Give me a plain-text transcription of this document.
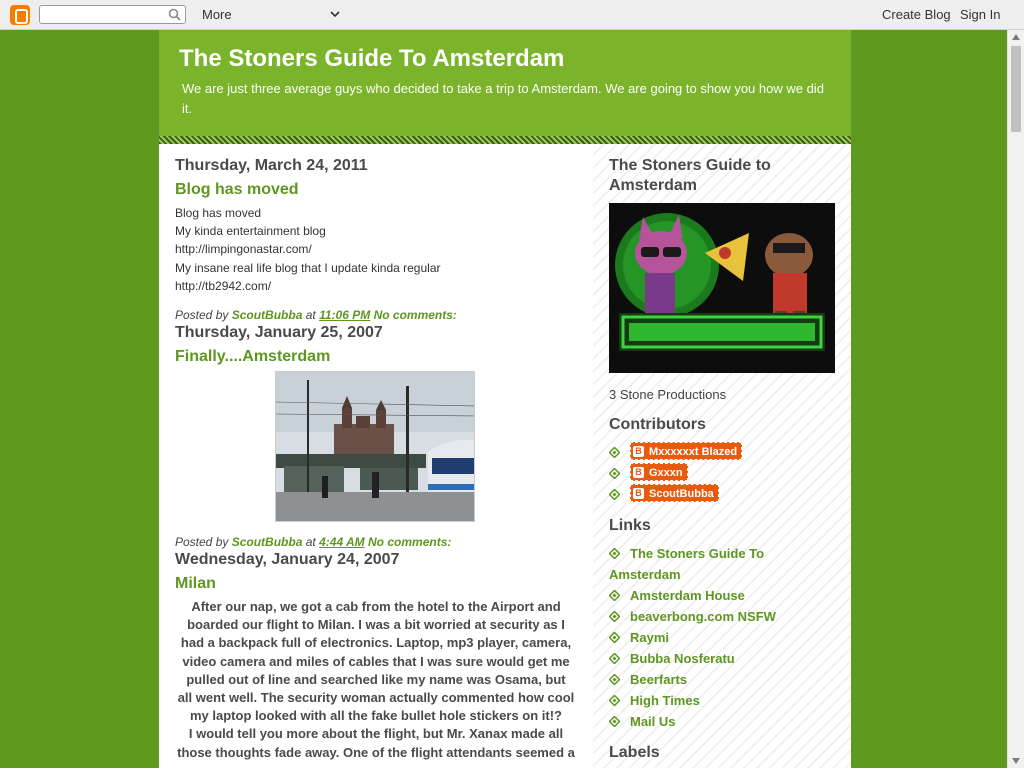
More	Create Blog Sign In
The Stoners Guide To Amsterdam
We are just three average guys who decided to take a trip to Amsterdam. We are going to show you how we did it.
Thursday, March 24, 2011
Blog has moved
Blog has moved
My kinda entertainment blog
http://limpingonastar.com/
My insane real life blog that I update kinda regular
http://tb2942.com/
Posted by ScoutBubba at 11:06 PM No comments:
Thursday, January 25, 2007
Finally....Amsterdam
Posted by ScoutBubba at 4:44 AM No comments:
Wednesday, January 24, 2007
Milan
After our nap, we got a cab from the hotel to the Airport and
boarded our flight to Milan. I was a bit worried at security as I
had a backpack full of electronics. Laptop, mp3 player, camera,
video camera and miles of cables that I was sure would get me
pulled out of line and searched like my name was Osama, but
all went well. The security woman actually commented how cool
my laptop looked with all the fake bullet hole stickers on it!?
I would tell you more about the flight, but Mr. Xanax made all
those thoughts fade away. One of the flight attendants seemed a
The Stoners Guide to Amsterdam
3 Stone Productions
Contributors
B Mxxxxxxt Blazed
B Gxxxn
B ScoutBubba
Links
The Stoners Guide To
Amsterdam
Amsterdam House
beaverbong.com NSFW
Raymi
Bubba Nosferatu
Beerfarts
High Times
Mail Us
Labels
